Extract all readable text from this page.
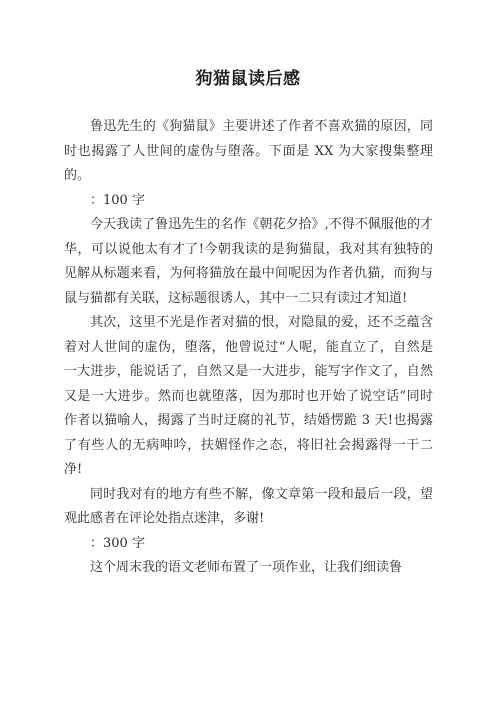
狗猫鼠读后感

鲁迅先生的《狗猫鼠》主要讲述了作者不喜欢猫的原因，同时也揭露了人世间的虚伪与堕落。下面是 XX 为大家搜集整理的。

：100 字

今天我读了鲁迅先生的名作《朝花夕拾》,不得不佩服他的才华，可以说他太有才了!今朝我读的是狗猫鼠，我对其有独特的见解从标题来看，为何将猫放在最中间呢因为作者仇猫，而狗与鼠与猫都有关联，这标题很诱人，其中一二只有读过才知道!

其次，这里不光是作者对猫的恨，对隐鼠的爱，还不乏蕴含着对人世间的虚伪，堕落，他曾说过“人呢，能直立了，自然是一大进步，能说话了，自然又是一大进步，能写字作文了，自然又是一大进步。然而也就堕落，因为那时也开始了说空话”同时作者以猫喻人，揭露了当时迂腐的礼节，结婚愣跪 3 天!也揭露了有些人的无病呻吟，扶媚怪作之态，将旧社会揭露得一干二净!

同时我对有的地方有些不解，像文章第一段和最后一段，望观此感者在评论处指点迷津，多谢!

：300 字

这个周末我的语文老师布置了一项作业，让我们细读鲁
